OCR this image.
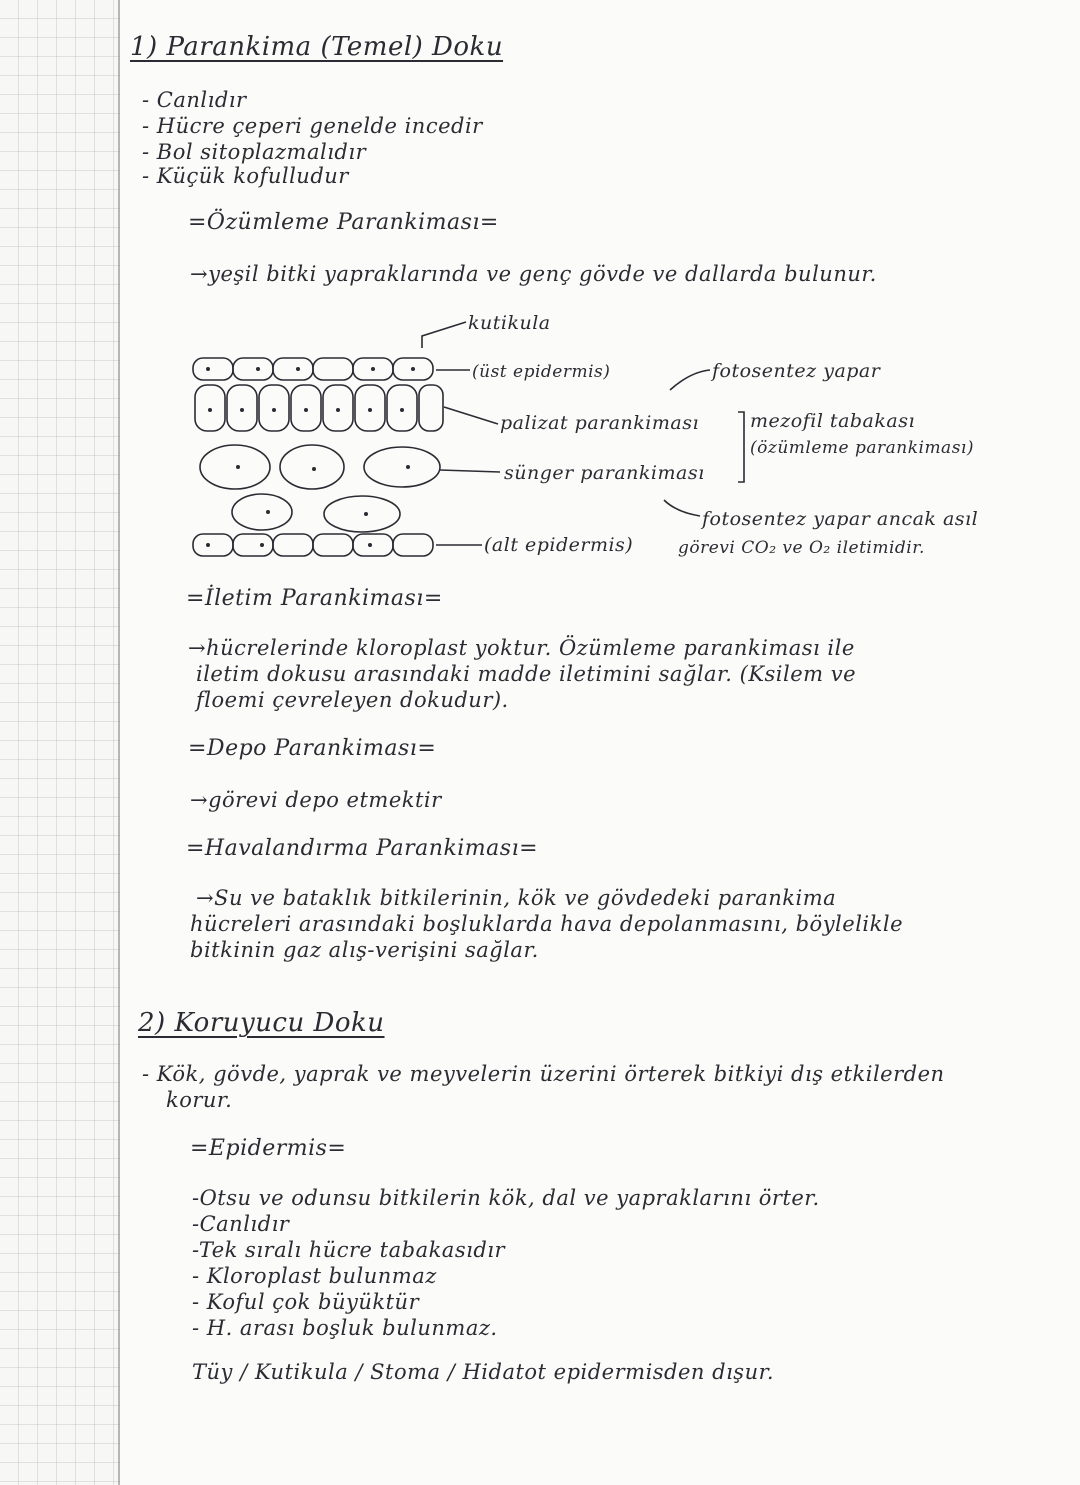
1) Parankima (Temel) Doku
- Canlıdır
- Hücre çeperi genelde incedir
- Bol sitoplazmalıdır
- Küçük kofulludur
=Özümleme Parankiması=
→yeşil bitki yapraklarında ve genç gövde ve dallarda bulunur.
kutikula
(üst epidermis)	fotosentez yapar
palizat parankiması	mezofil tabakası
(özümleme parankiması)
sünger parankiması
fotosentez yapar ancak asıl
(alt epidermis)	görevi CO₂ ve O₂ iletimidir.
=İletim Parankiması=
→hücrelerinde kloroplast yoktur. Özümleme parankiması ile
iletim dokusu arasındaki madde iletimini sağlar. (Ksilem ve
floemi çevreleyen dokudur).
=Depo Parankiması=
→görevi depo etmektir
=Havalandırma Parankiması=
→Su ve bataklık bitkilerinin, kök ve gövdedeki parankima
hücreleri arasındaki boşluklarda hava depolanmasını, böylelikle
bitkinin gaz alış-verişini sağlar.
2) Koruyucu Doku
- Kök, gövde, yaprak ve meyvelerin üzerini örterek bitkiyi dış etkilerden
korur.
=Epidermis=
-Otsu ve odunsu bitkilerin kök, dal ve yapraklarını örter.
-Canlıdır
-Tek sıralı hücre tabakasıdır
- Kloroplast bulunmaz
- Koful çok büyüktür
- H. arası boşluk bulunmaz.
Tüy / Kutikula / Stoma / Hidatot epidermisden dışur.
